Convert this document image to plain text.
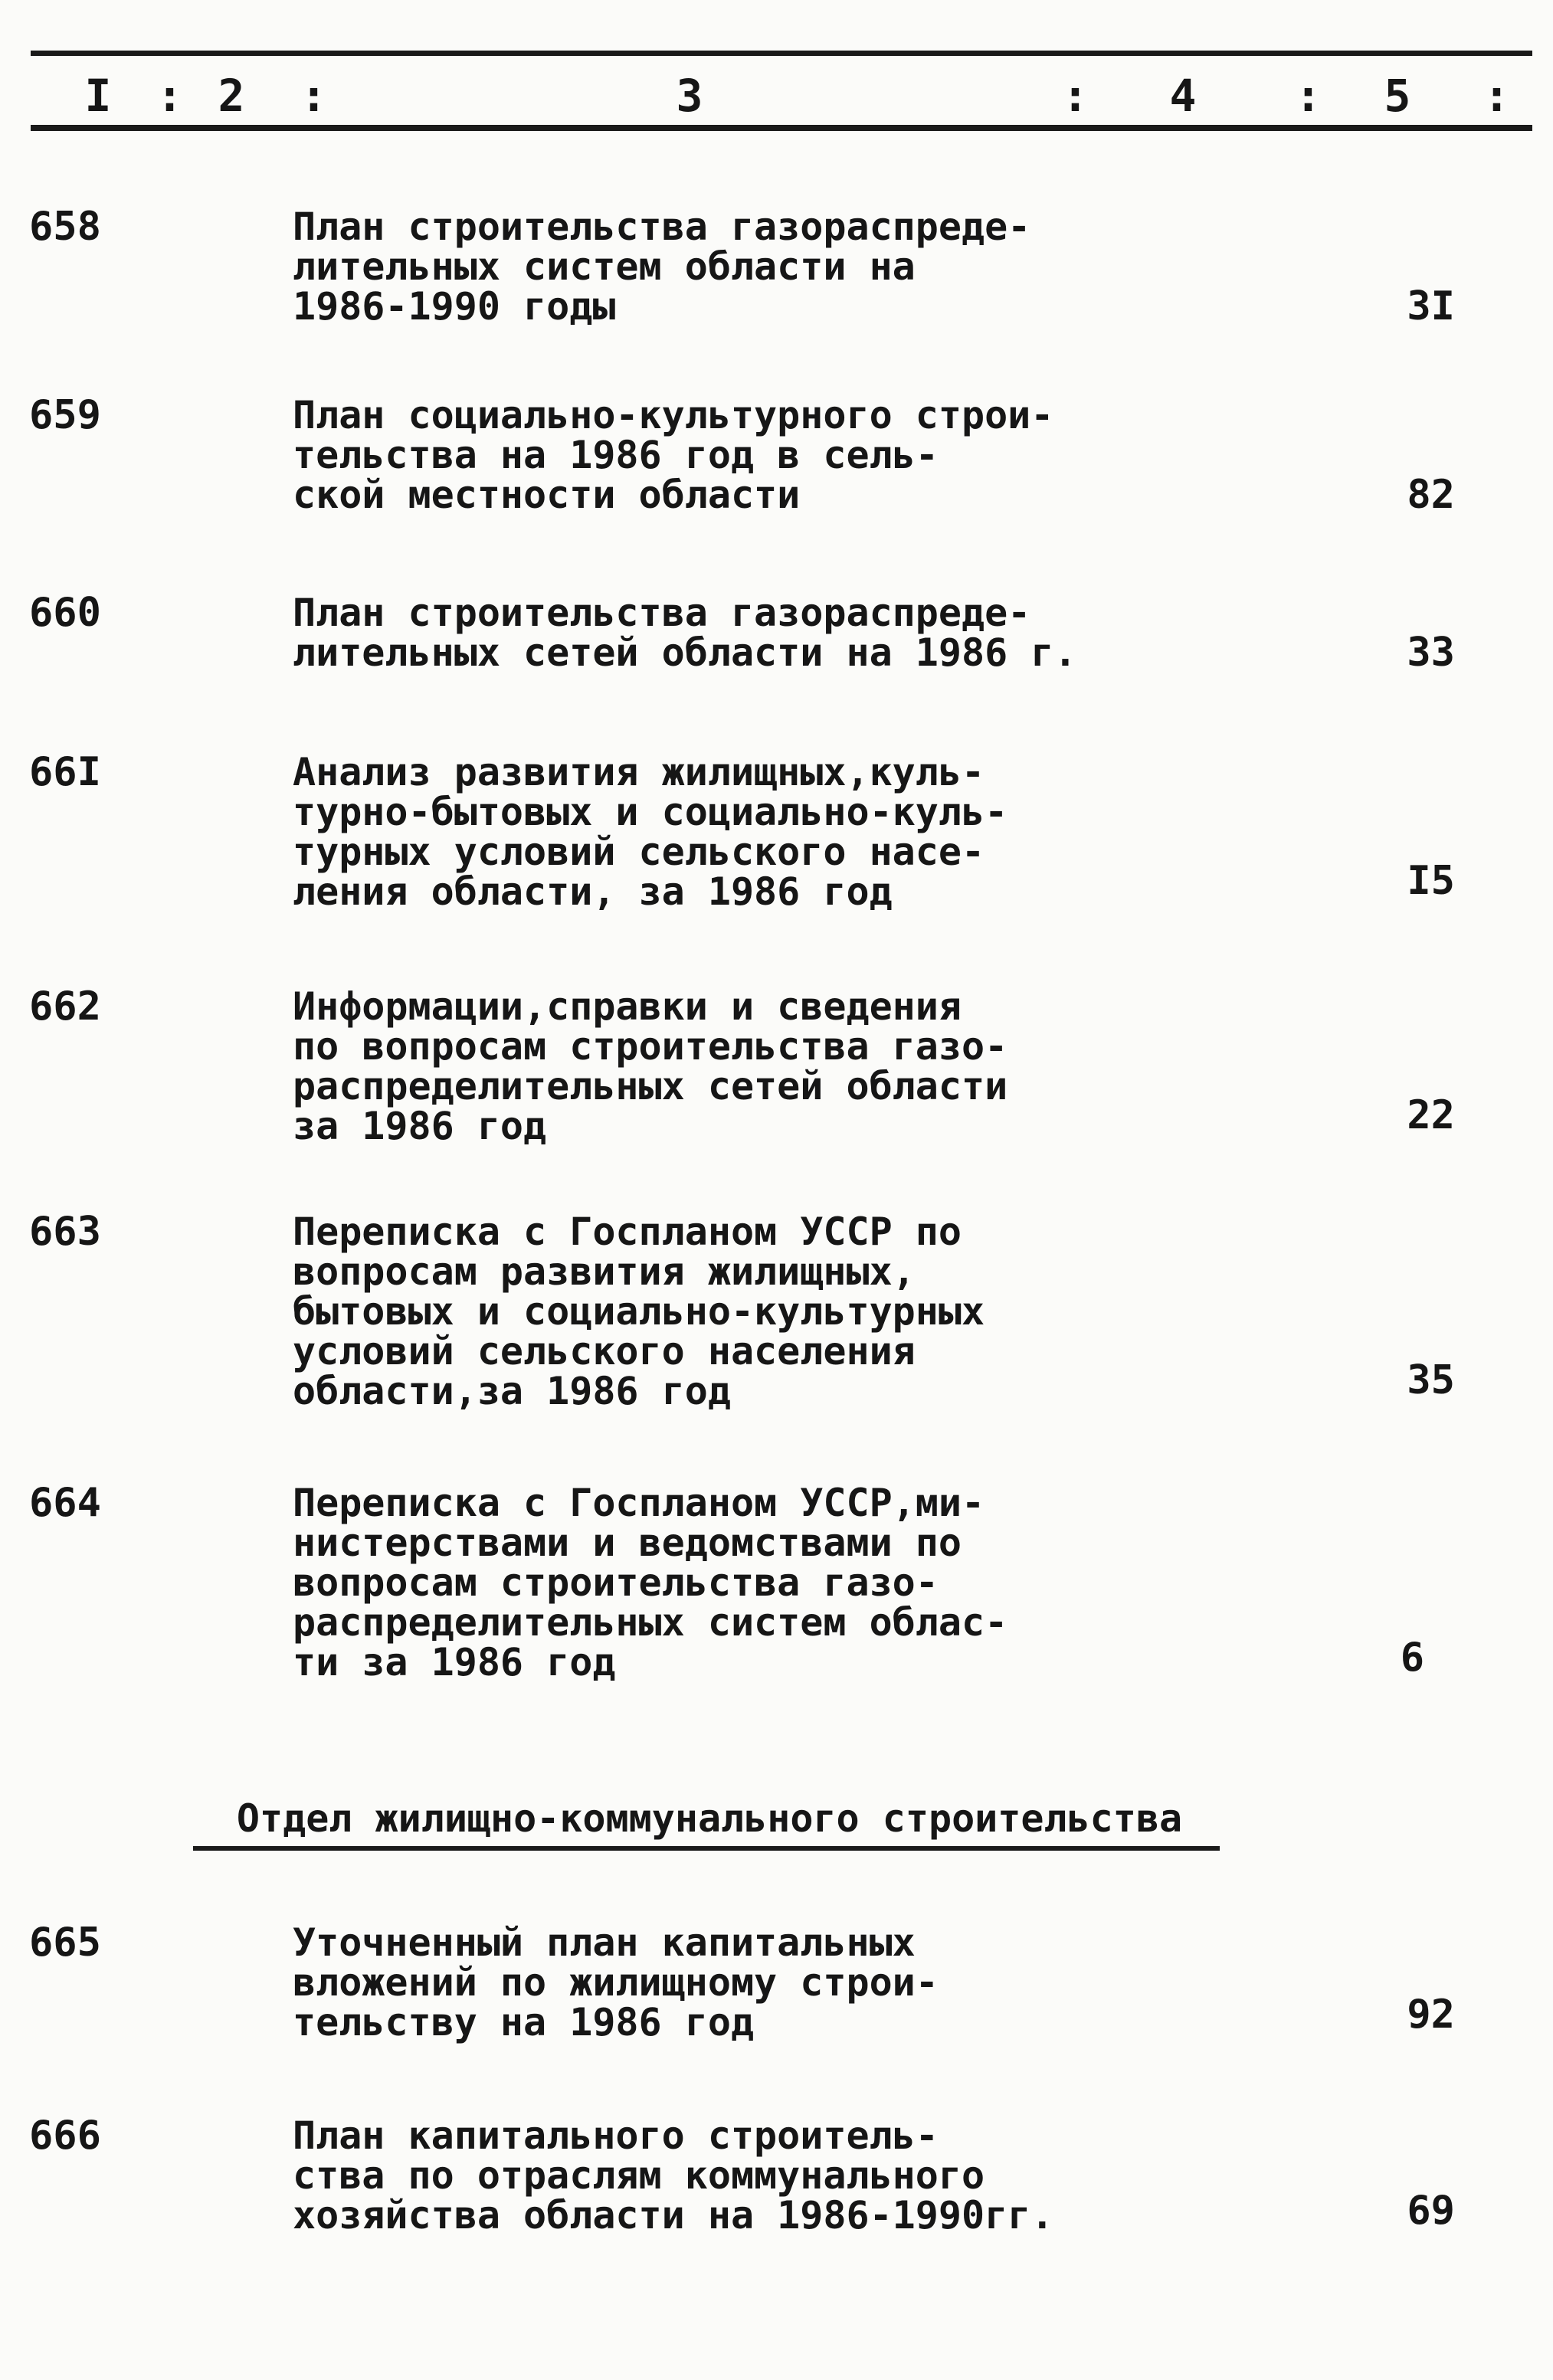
I : 2 :	3	: 4 : 5 :
658	План строительства газораспреде-
лительных систем области на
1986-1990 годы	3I
659	План социально-культурного строи-
тельства на 1986 год в сель-
ской местности области	82
660	План строительства газораспреде-
лительных сетей области на 1986 г.	33
66I	Анализ развития жилищных,куль-
турно-бытовых и социально-куль-
турных условий сельского насе-
ления области, за 1986 год	I5
662	Информации,справки и сведения
по вопросам строительства газо-
распределительных сетей области
за 1986 год	22
663	Переписка с Госпланом УССР по
вопросам развития жилищных,
бытовых и социально-культурных
условий сельского населения
области,за 1986 год	35
664	Переписка с Госпланом УССР,ми-
нистерствами и ведомствами по
вопросам строительства газо-
распределительных систем облас-
ти за 1986 год	6
Отдел жилищно-коммунального строительства
665	Уточненный план капитальных
вложений по жилищному строи-
тельству на 1986 год	92
666	План капитального строитель-
ства по отраслям коммунального
хозяйства области на 1986-1990гг.	69
